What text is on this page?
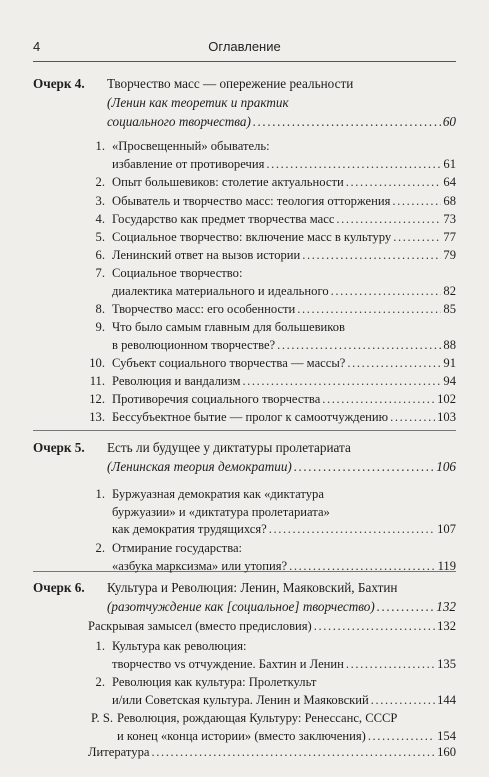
4	Оглавление
Очерк 4. Творчество масс — опережение реальности
(Ленин как теоретик и практик
социального творчества) .....	60
1. «Просвещенный» обыватель:
избавление от противоречия .....	61
2. Опыт большевиков: столетие актуальности .....	64
3. Обыватель и творчество масс: теология отторжения .....	68
4. Государство как предмет творчества масс .....	73
5. Социальное творчество: включение масс в культуру .....	77
6. Ленинский ответ на вызов истории .....	79
7. Социальное творчество:
диалектика материального и идеального .....	82
8. Творчество масс: его особенности .....	85
9. Что было самым главным для большевиков
в революционном творчестве? .....	88
10. Субъект социального творчества — массы? .....	91
11. Революция и вандализм .....	94
12. Противоречия социального творчества .....	102
13. Бессубъектное бытие — пролог к самоотчуждению .....	103
Очерк 5. Есть ли будущее у диктатуры пролетариата
(Ленинская теория демократии) .....	106
1. Буржуазная демократия как «диктатура
буржуазии» и «диктатура пролетариата»
как демократия трудящихся? .....	107
2. Отмирание государства:
«азбука марксизма» или утопия? .....	119
Очерк 6. Культура и Революция: Ленин, Маяковский, Бахтин
(разотчуждение как [социальное] творчество) .....	132
Раскрывая замысел (вместо предисловия) .....	132
1. Культура как революция:
творчество vs отчуждение. Бахтин и Ленин .....	135
2. Революция как культура: Пролеткульт
и/или Советская культура. Ленин и Маяковский .....	144
P. S. Революция, рождающая Культуру: Ренессанс, СССР
и конец «конца истории» (вместо заключения) .....	154
Литература .....	160
